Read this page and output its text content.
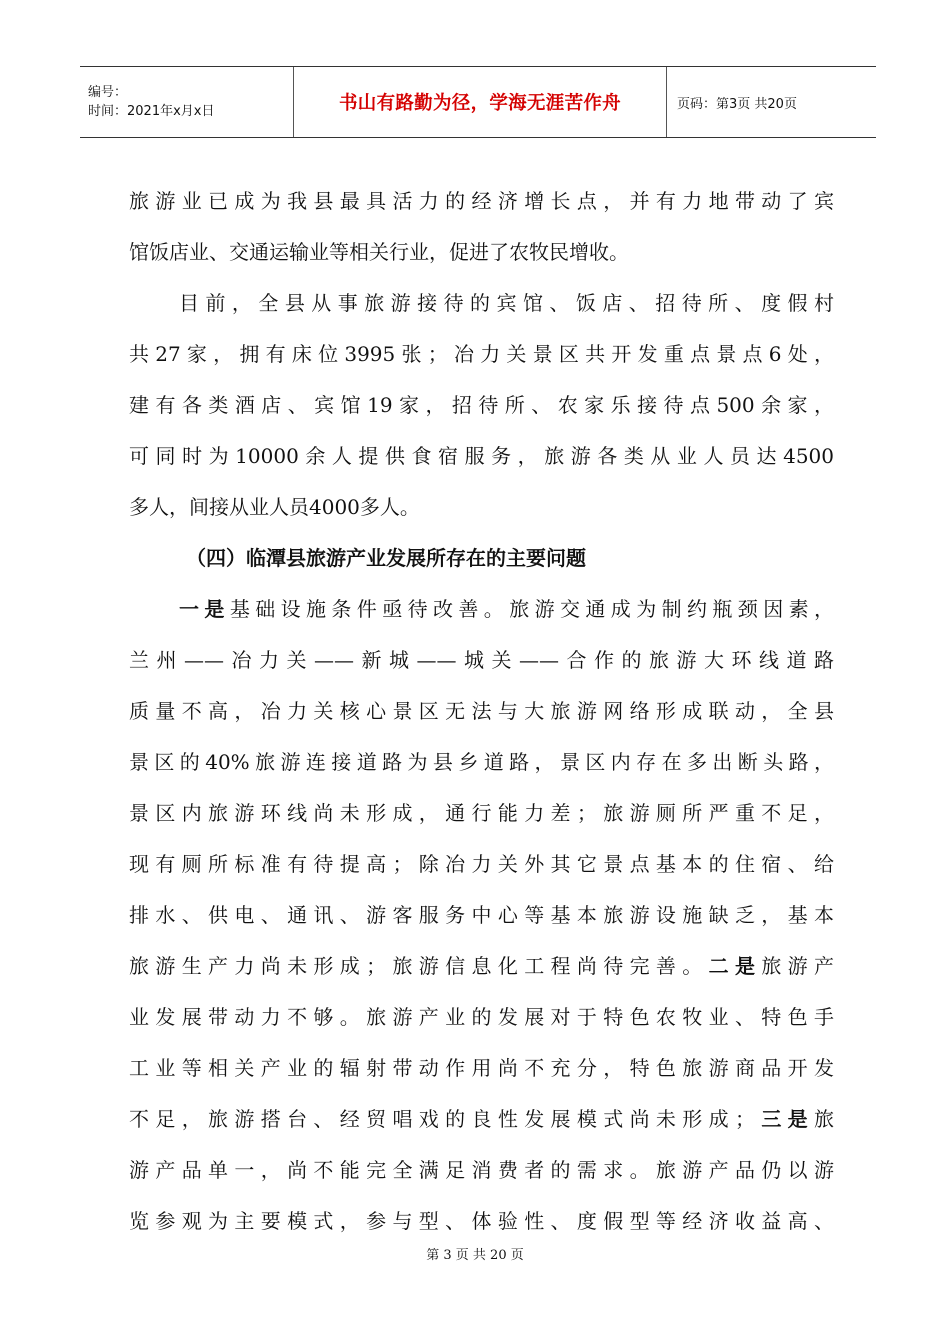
编号：
时间：2021年x月x日	书山有路勤为径，学海无涯苦作舟	页码：第3页 共20页
旅游业已成为我县最具活力的经济增长点，并有力地带动了宾
馆饭店业、交通运输业等相关行业，促进了农牧民增收。
目前，全县从事旅游接待的宾馆、饭店、招待所、度假村
共27家，拥有床位3995张；冶力关景区共开发重点景点6处，
建有各类酒店、宾馆19家，招待所、农家乐接待点500余家，
可同时为10000余人提供食宿服务，旅游各类从业人员达4500
多人，间接从业人员4000多人。
（四）临潭县旅游产业发展所存在的主要问题
一是基础设施条件亟待改善。旅游交通成为制约瓶颈因素，
兰州——冶力关——新城——城关——合作的旅游大环线道路
质量不高，冶力关核心景区无法与大旅游网络形成联动，全县
景区的40%旅游连接道路为县乡道路，景区内存在多出断头路，
景区内旅游环线尚未形成，通行能力差；旅游厕所严重不足，
现有厕所标准有待提高；除冶力关外其它景点基本的住宿、给
排水、供电、通讯、游客服务中心等基本旅游设施缺乏，基本
旅游生产力尚未形成；旅游信息化工程尚待完善。二是旅游产
业发展带动力不够。旅游产业的发展对于特色农牧业、特色手
工业等相关产业的辐射带动作用尚不充分，特色旅游商品开发
不足，旅游搭台、经贸唱戏的良性发展模式尚未形成；三是旅
游产品单一，尚不能完全满足消费者的需求。旅游产品仍以游
览参观为主要模式，参与型、体验性、度假型等经济收益高、
第 3 页 共 20 页
